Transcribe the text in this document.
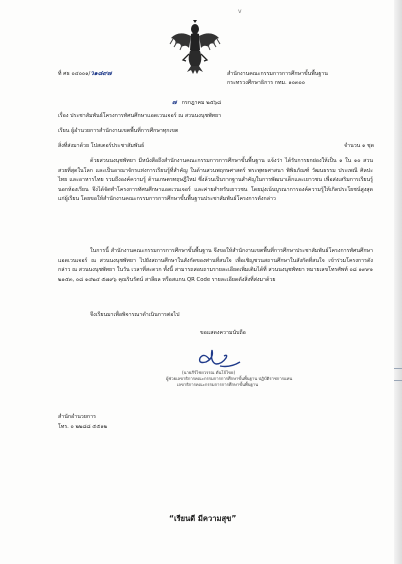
ⅴ
ที่ ศธ ๐๔๐๐๑/ว๑๘๙๗	สำนักงานคณะกรรมการการศึกษาขั้นพื้นฐาน
กระทรวงศึกษาธิการ กทม. ๑๐๓๐๐
๗ กรกฎาคม ๒๕๖๘
เรื่อง ประชาสัมพันธ์โครงการทัศนศึกษาแอดเวนเจอร์ ณ สวนนงนุชพัทยา
เรียน ผู้อำนวยการสำนักงานเขตพื้นที่การศึกษาทุกเขต
สิ่งที่ส่งมาด้วย โปสเตอร์ประชาสัมพันธ์	จำนวน ๑ ชุด
ด้วยสวนนงนุชพัทยา มีหนังสือถึงสำนักงานคณะกรรมการการศึกษาขั้นพื้นฐาน แจ้งว่า ได้รับการยกย่องให้เป็น ๑ ใน ๑๐ สวนสวยที่สุดในโลก และเป็นอาณาจักรแห่งการเรียนรู้ที่สำคัญ ในด้านสวนพฤกษศาสตร์ พระพุทธศาสนา พิพิธภัณฑ์ วัฒนธรรม ประเพณี ศิลปะไทย และอาหารไทย รวมถึงองค์ความรู้ ด้านเกษตรทฤษฎีใหม่ ซึ่งล้วนเป็นรากฐานสำคัญในการพัฒนาเด็กและเยาวชน เพื่อส่งเสริมการเรียนรู้นอกห้องเรียน จึงได้จัดทำโครงการทัศนศึกษาแอดเวนเจอร์ และค่ายสำหรับเยาวชน โดยมุ่งเน้นบูรณาการองค์ความรู้ให้เกิดประโยชน์สูงสุดแก่ผู้เรียน โดยขอให้สำนักงานคณะกรรมการการศึกษาขั้นพื้นฐานประชาสัมพันธ์โครงการดังกล่าว
ในการนี้ สำนักงานคณะกรรมการการศึกษาขั้นพื้นฐาน จึงขอให้สำนักงานเขตพื้นที่การศึกษาประชาสัมพันธ์โครงการทัศนศึกษาแอดเวนเจอร์ ณ สวนนงนุชพัทยา ไปยังสถานศึกษาในสังกัดของท่านที่สนใจ เพื่อเชิญชวนสถานศึกษาในสังกัดที่สนใจ เข้าร่วมโครงการดังกล่าว ณ สวนนงนุชพัทยา ในวัน เวลาที่สะดวก ทั้งนี้ สามารถสอบถามรายละเอียดเพิ่มเติมได้ที่ สวนนงนุชพัทยา หมายเลขโทรศัพท์ ๐๘ ๑๙๙๑ ๒๑๕๓, ๐๘ ๑๔๒๔ ๕๗๙๖ คุณรินรัตน์ สาลีผล หรือสแกน QR Code รายละเอียดดังสิ่งที่ส่งมาด้วย
จึงเรียนมาเพื่อพิจารณาดำเนินการต่อไป
ขอแสดงความนับถือ
(นายภีร์ไชยวรรณ ตันโจ้ไขย)
ผู้ช่วยเลขาธิการคณะกรรมการการศึกษาขั้นพื้นฐาน ปฏิบัติราชการแทน
เลขาธิการคณะกรรมการการศึกษาขั้นพื้นฐาน
สำนักอำนวยการ
โทร. ๐ ๒๒๘๘ ๕๕๑๒
“เรียนดี มีความสุข”
